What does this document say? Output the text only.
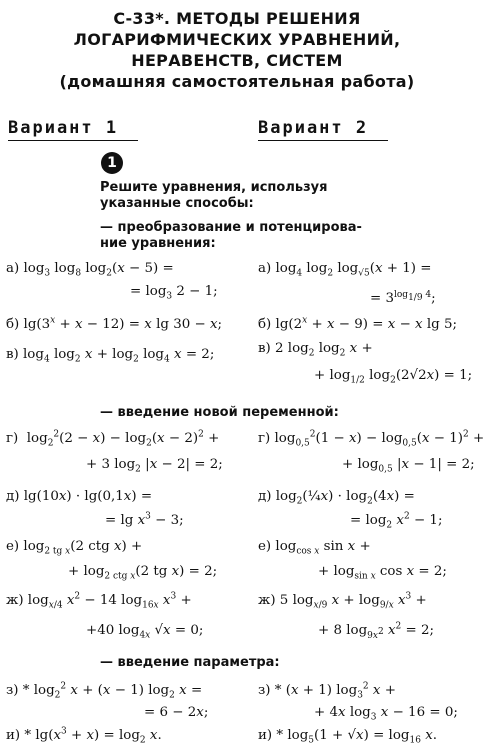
С-33*. МЕТОДЫ РЕШЕНИЯ
ЛОГАРИФМИЧЕСКИХ УРАВНЕНИЙ,
НЕРАВЕНСТВ, СИСТЕМ
(домашняя самостоятельная работа)
Вариант 1	Вариант 2
1
Решите уравнения, используя
указанные способы:
— преобразование и потенцирова-
ние уравнения:
а) $\log_3 \log_8 \log_2(x - 5)$ =
= $\log_3 2 - 1$;
б) $\lg(3^x + x - 12) = x$ lg 30 − x;
в) $\log_4 \log_2 x + \log_2 \log_4 x = 2$;
— введение новой переменной:
г)  $\log_2^2(2 - x) - \log_2(x - 2)^2$ +
+ 3 $\log_2 |x - 2| = 2$;
д) lg(10x) · lg(0,1x) =
= $\lg x^3 - 3$;
е) $\log_{2 tg x}(2$ ctg x) +
+ $\log_{2 ctg x}(2$ tg x) = 2;
ж) $\log_{x/4} x^2 - 14$ $\log_{16x} x^3$ +
+40 $\log_{4x} √x = 0$;
— введение параметра:
$з) * \log_2^2 x + (x - 1)$ $\log_2 x$ =
= 6 − 2x;
$и) * \lg(x^3 + x) = \log_2 x$.
а) $\log_4 \log_2 \log_{√5}(x + 1)$ =
= $3^{log_{1/9} 4}$;
б) $\lg(2^x + x - 9) = x - x$ lg 5;
в) 2 $\log_2 \log_2 x$ +
+ $\log_{1/2} \log_2(2√2x) = 1$;
г) $\log_{0,5}^2(1 - x) - \log_{0,5}(x - 1)^2$ +
+ $\log_{0,5} |x - 1| = 2$;
д) $\log_2(\frac{1}{4}x) \cdot \log_2(4x)$ =
= $\log_2 x^2 - 1$;
е) $\log_{cos x} \sin x$ +
+ $\log_{sin x} \cos x = 2$;
ж) 5 $\log_{x/9} x + \log_{9/x} x^3$ +
+ 8 $\log_{9x^2} x^2 = 2$;
з) * (x + 1) $\log_3^2 x$ +
+ 4x $\log_3 x - 16 = 0$;
$и) * \log_5(1 + √x) = \log_{16} x$.
